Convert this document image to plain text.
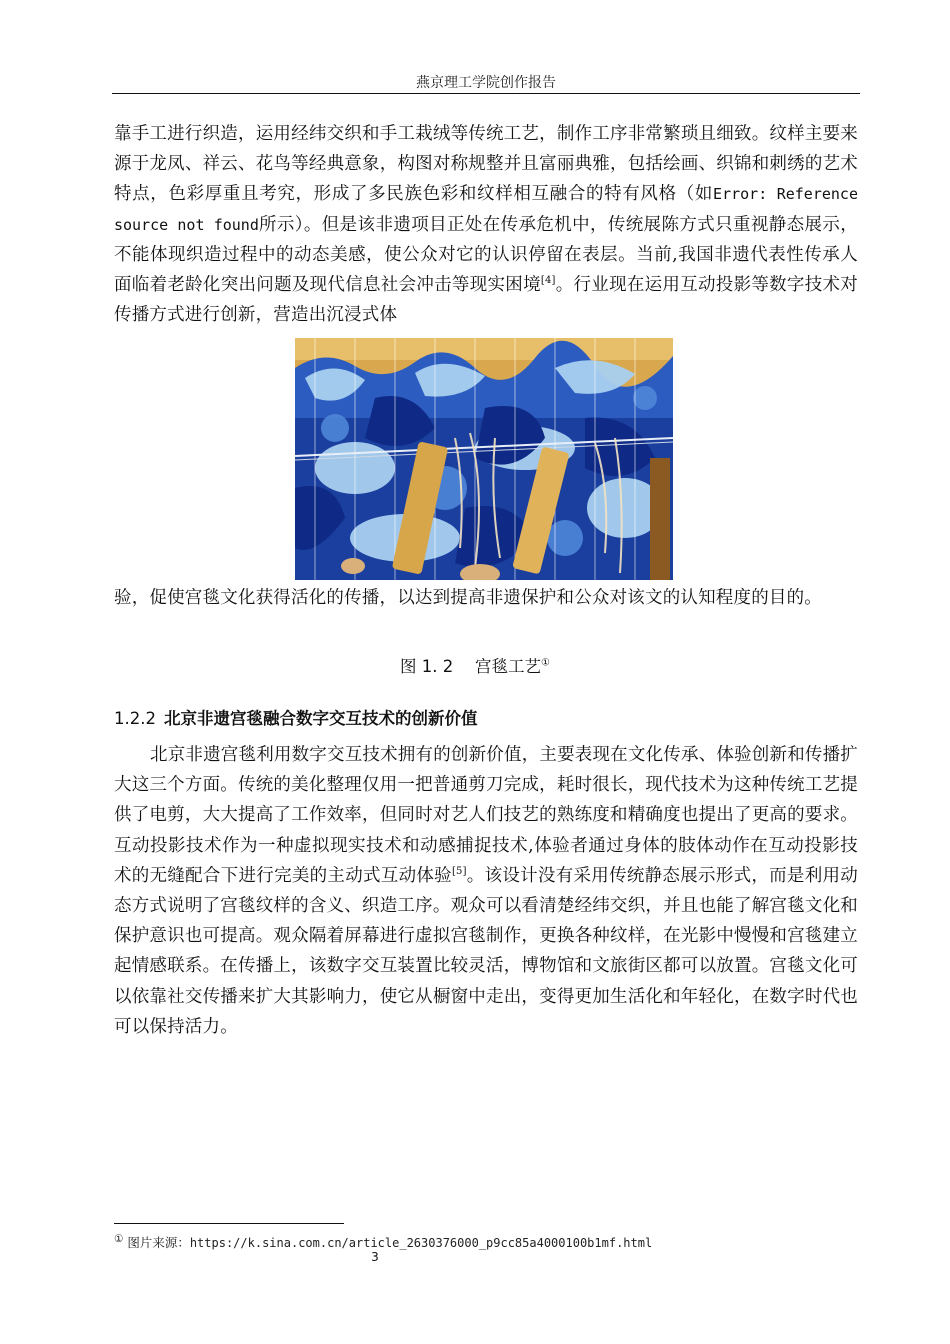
燕京理工学院创作报告
靠手工进行织造，运用经纬交织和手工栽绒等传统工艺，制作工序非常繁琐且细致。纹样主要来源于龙凤、祥云、花鸟等经典意象，构图对称规整并且富丽典雅，包括绘画、织锦和刺绣的艺术特点，色彩厚重且考究，形成了多民族色彩和纹样相互融合的特有风格（如Error: Reference source not found所示）。但是该非遗项目正处在传承危机中，传统展陈方式只重视静态展示，不能体现织造过程中的动态美感，使公众对它的认识停留在表层。当前,我国非遗代表性传承人面临着老龄化突出问题及现代信息社会冲击等现实困境[4]。行业现在运用互动投影等数字技术对传播方式进行创新，营造出沉浸式体
验，促使宫毯文化获得活化的传播，以达到提高非遗保护和公众对该文的认知程度的目的。
图 1. 2　 宫毯工艺①
1.2.2 北京非遗宫毯融合数字交互技术的创新价值
北京非遗宫毯利用数字交互技术拥有的创新价值，主要表现在文化传承、体验创新和传播扩大这三个方面。传统的美化整理仅用一把普通剪刀完成，耗时很长，现代技术为这种传统工艺提供了电剪，大大提高了工作效率，但同时对艺人们技艺的熟练度和精确度也提出了更高的要求。互动投影技术作为一种虚拟现实技术和动感捕捉技术,体验者通过身体的肢体动作在互动投影技术的无缝配合下进行完美的主动式互动体验[5]。该设计没有采用传统静态展示形式，而是利用动态方式说明了宫毯纹样的含义、织造工序。观众可以看清楚经纬交织，并且也能了解宫毯文化和保护意识也可提高。观众隔着屏幕进行虚拟宫毯制作，更换各种纹样，在光影中慢慢和宫毯建立起情感联系。在传播上，该数字交互装置比较灵活，博物馆和文旅街区都可以放置。宫毯文化可以依靠社交传播来扩大其影响力，使它从橱窗中走出，变得更加生活化和年轻化，在数字时代也可以保持活力。
① 图片来源：https://k.sina.com.cn/article_2630376000_p9cc85a4000100b1mf.html
3
